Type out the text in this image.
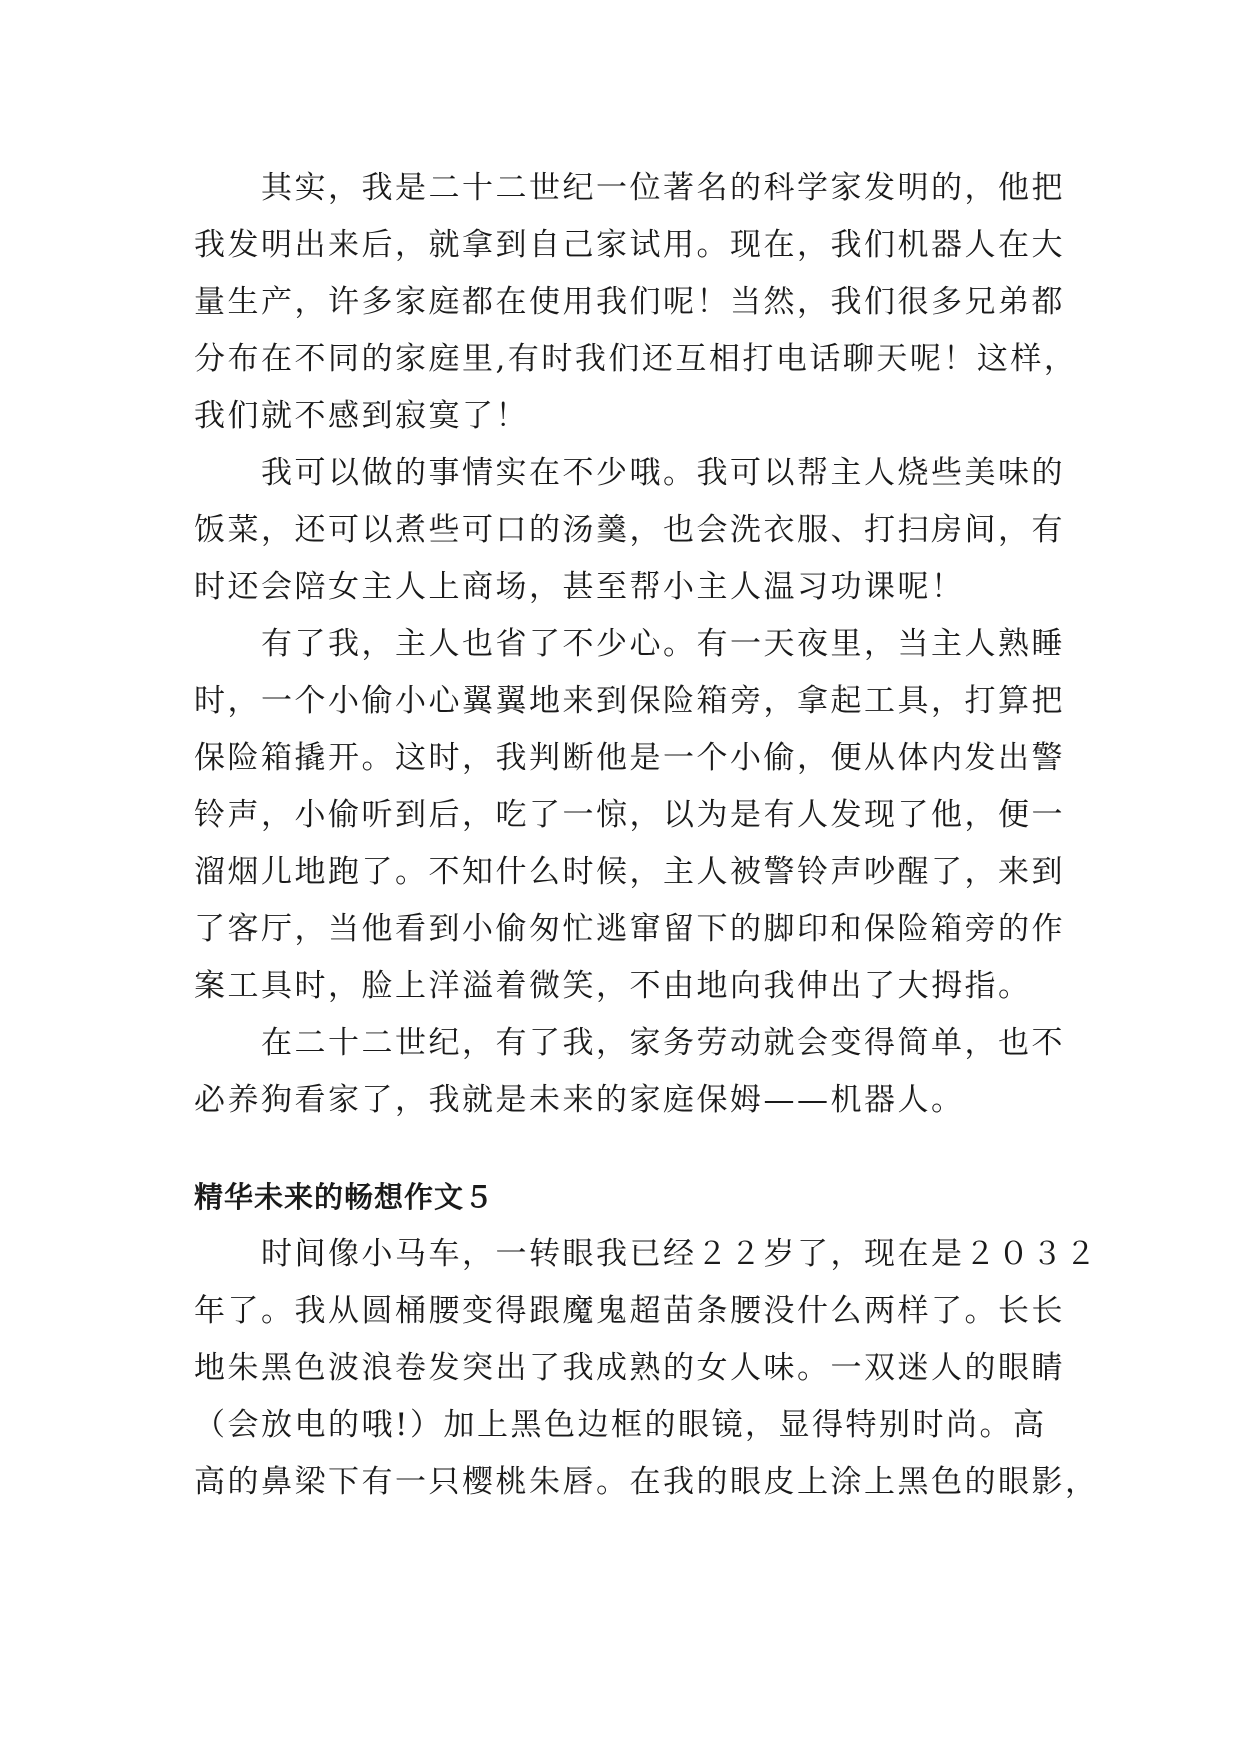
　　其实，我是二十二世纪一位著名的科学家发明的，他把
我发明出来后，就拿到自己家试用。现在，我们机器人在大
量生产，许多家庭都在使用我们呢！当然，我们很多兄弟都
分布在不同的家庭里,有时我们还互相打电话聊天呢！这样，
我们就不感到寂寞了！
　　我可以做的事情实在不少哦。我可以帮主人烧些美味的
饭菜，还可以煮些可口的汤羹，也会洗衣服、打扫房间，有
时还会陪女主人上商场，甚至帮小主人温习功课呢！
　　有了我，主人也省了不少心。有一天夜里，当主人熟睡
时，一个小偷小心翼翼地来到保险箱旁，拿起工具，打算把
保险箱撬开。这时，我判断他是一个小偷，便从体内发出警
铃声，小偷听到后，吃了一惊，以为是有人发现了他，便一
溜烟儿地跑了。不知什么时候，主人被警铃声吵醒了，来到
了客厅，当他看到小偷匆忙逃窜留下的脚印和保险箱旁的作
案工具时，脸上洋溢着微笑，不由地向我伸出了大拇指。
　　在二十二世纪，有了我，家务劳动就会变得简单，也不
必养狗看家了，我就是未来的家庭保姆——机器人。
精华未来的畅想作文５
　　时间像小马车，一转眼我已经２２岁了，现在是２０３２
年了。我从圆桶腰变得跟魔鬼超苗条腰没什么两样了。长长
地朱黑色波浪卷发突出了我成熟的女人味。一双迷人的眼睛
（会放电的哦!）加上黑色边框的眼镜，显得特别时尚。高
高的鼻梁下有一只樱桃朱唇。在我的眼皮上涂上黑色的眼影，
